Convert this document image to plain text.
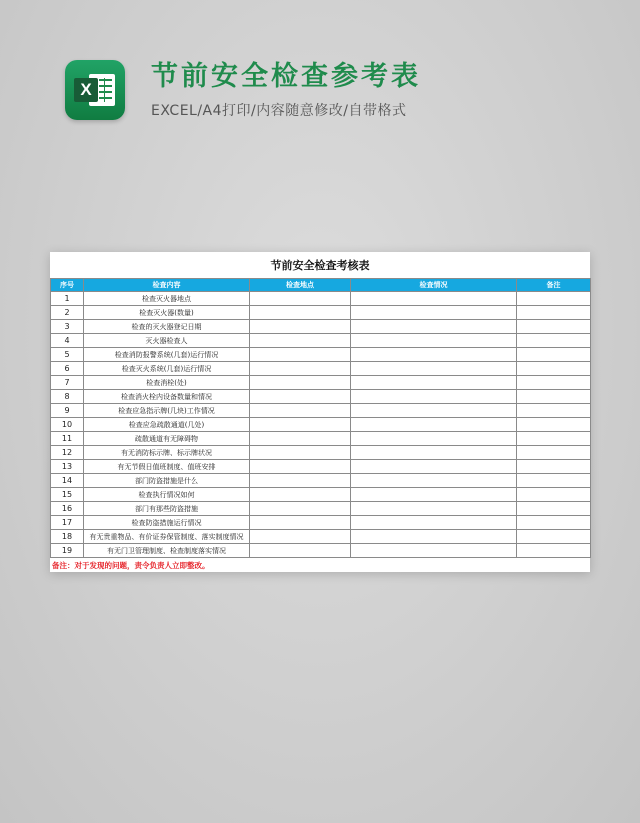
X 节前安全检查参考表
EXCEL/A4打印/内容随意修改/自带格式
节前安全检查考核表
序号	检查内容	检查地点	检查情况	备注
1	检查灭火器地点			
2	检查灭火器(数量)			
3	检查的灭火器登记日期			
4	灭火器检查人			
5	检查消防报警系统(几套)运行情况			
6	检查灭火系统(几套)运行情况			
7	检查消栓(处)			
8	检查消火栓内设备数量和情况			
9	检查应急指示牌(几块)工作情况			
10	检查应急疏散通道(几处)			
11	疏散通道有无障碍物			
12	有无消防标示牌、标示牌状况			
13	有无节假日值班制度、值班安排			
14	部门防盗措施是什么			
15	检查执行情况如何			
16	部门有那些防盗措施			
17	检查防盗措施运行情况			
18	有无贵重物品、有价证券保管制度、落实制度情况			
19	有无门卫管理制度、检查制度落实情况			
备注：对于发现的问题，责令负责人立即整改。
